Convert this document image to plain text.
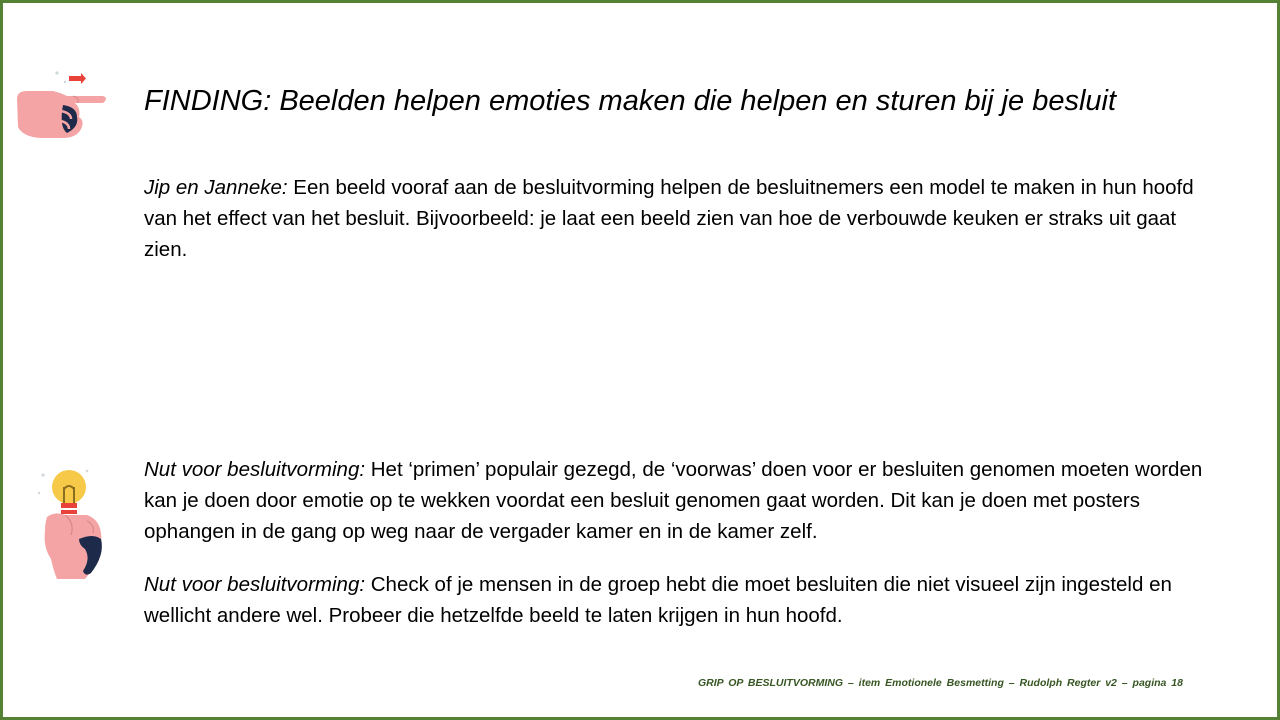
FINDING: Beelden helpen emoties maken die helpen en sturen bij je besluit

Jip en Janneke: Een beeld vooraf aan de besluitvorming helpen de besluitnemers een model te maken in hun hoofd van het effect van het besluit. Bijvoorbeeld: je laat een beeld zien van hoe de verbouwde keuken er straks uit gaat zien.

Nut voor besluitvorming: Het ‘primen’ populair gezegd, de ‘voorwas’ doen voor er besluiten genomen moeten worden kan je doen door emotie op te wekken voordat een besluit genomen gaat worden. Dit kan je doen met posters ophangen in de gang op weg naar de vergader kamer en in de kamer zelf.

Nut voor besluitvorming: Check of je mensen in de groep hebt die moet besluiten die niet visueel zijn ingesteld en wellicht andere wel. Probeer die hetzelfde beeld te laten krijgen in hun hoofd.

GRIP OP BESLUITVORMING – item Emotionele Besmetting – Rudolph Regter v2 – pagina 18
